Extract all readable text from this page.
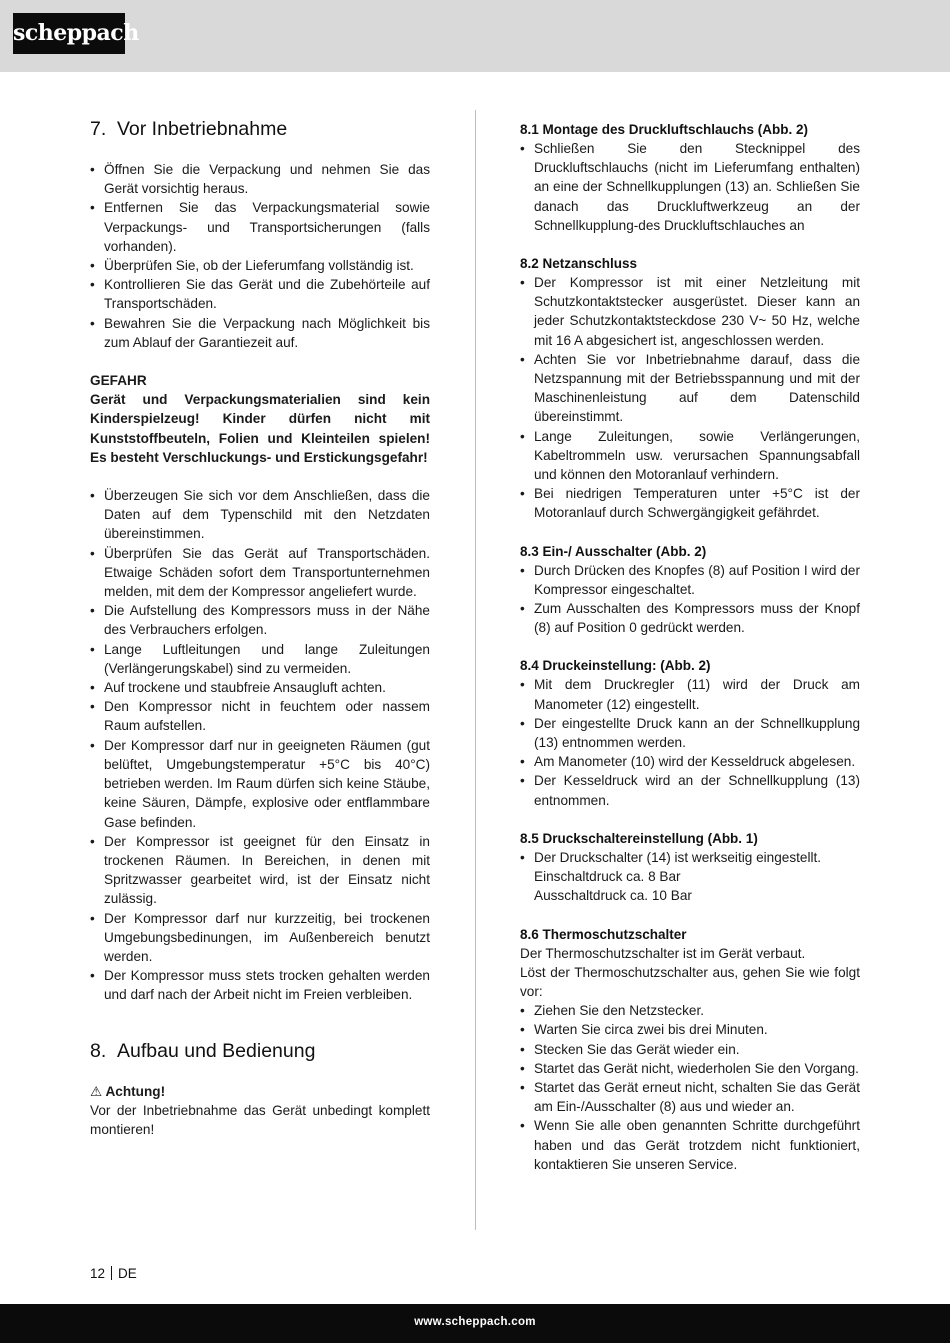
scheppach
7. Vor Inbetriebnahme
• Öffnen Sie die Verpackung und nehmen Sie das Gerät vorsichtig heraus.
• Entfernen Sie das Verpackungsmaterial sowie Verpackungs- und Transportsicherungen (falls vorhanden).
• Überprüfen Sie, ob der Lieferumfang vollständig ist.
• Kontrollieren Sie das Gerät und die Zubehörteile auf Transportschäden.
• Bewahren Sie die Verpackung nach Möglichkeit bis zum Ablauf der Garantiezeit auf.

GEFAHR

Gerät und Verpackungsmaterialien sind kein Kinderspielzeug! Kinder dürfen nicht mit Kunststoffbeuteln, Folien und Kleinteilen spielen! Es besteht Verschluckungs- und Erstickungsgefahr!

• Überzeugen Sie sich vor dem Anschließen, dass die Daten auf dem Typenschild mit den Netzdaten übereinstimmen.
• Überprüfen Sie das Gerät auf Transportschäden. Etwaige Schäden sofort dem Transportunternehmen melden, mit dem der Kompressor angeliefert wurde.
• Die Aufstellung des Kompressors muss in der Nähe des Verbrauchers erfolgen.
• Lange Luftleitungen und lange Zuleitungen (Verlängerungskabel) sind zu vermeiden.
• Auf trockene und staubfreie Ansaugluft achten.
• Den Kompressor nicht in feuchtem oder nassem Raum aufstellen.
• Der Kompressor darf nur in geeigneten Räumen (gut belüftet, Umgebungstemperatur +5°C bis 40°C) betrieben werden. Im Raum dürfen sich keine Stäube, keine Säuren, Dämpfe, explosive oder entflammbare Gase befinden.
• Der Kompressor ist geeignet für den Einsatz in trockenen Räumen. In Bereichen, in denen mit Spritzwasser gearbeitet wird, ist der Einsatz nicht zulässig.
• Der Kompressor darf nur kurzzeitig, bei trockenen Umgebungsbedinungen, im Außenbereich benutzt werden.
• Der Kompressor muss stets trocken gehalten werden und darf nach der Arbeit nicht im Freien verbleiben.
8. Aufbau und Bedienung

⚠ Achtung!

Vor der Inbetriebnahme das Gerät unbedingt komplett montieren!

8.1 Montage des Druckluftschlauchs (Abb. 2)

• Schließen Sie den Stecknippel des Druckluftschlauchs (nicht im Lieferumfang enthalten) an eine der Schnellkupplungen (13) an. Schließen Sie danach das Druckluftwerkzeug an der Schnellkupplung-des Druckluftschlauches an

8.2 Netzanschluss

• Der Kompressor ist mit einer Netzleitung mit Schutzkontaktstecker ausgerüstet. Dieser kann an jeder Schutzkontaktsteckdose 230 V~ 50 Hz, welche mit 16 A abgesichert ist, angeschlossen werden.
• Achten Sie vor Inbetriebnahme darauf, dass die Netzspannung mit der Betriebsspannung und mit der Maschinenleistung auf dem Datenschild übereinstimmt.
• Lange Zuleitungen, sowie Verlängerungen, Kabeltrommeln usw. verursachen Spannungsabfall und können den Motoranlauf verhindern.
• Bei niedrigen Temperaturen unter +5°C ist der Motoranlauf durch Schwergängigkeit gefährdet.

8.3 Ein-/ Ausschalter (Abb. 2)

• Durch Drücken des Knopfes (8) auf Position I wird der Kompressor eingeschaltet.
• Zum Ausschalten des Kompressors muss der Knopf (8) auf Position 0 gedrückt werden.

8.4 Druckeinstellung: (Abb. 2)

• Mit dem Druckregler (11) wird der Druck am Manometer (12) eingestellt.
• Der eingestellte Druck kann an der Schnellkupplung (13) entnommen werden.
• Am Manometer (10) wird der Kesseldruck abgelesen.
• Der Kesseldruck wird an der Schnellkupplung (13) entnommen.

8.5 Druckschaltereinstellung (Abb. 1)

• Der Druckschalter (14) ist werkseitig eingestellt.
Einschaltdruck ca. 8 Bar
Ausschaltdruck ca. 10 Bar

8.6 Thermoschutzschalter

Der Thermoschutzschalter ist im Gerät verbaut.

Löst der Thermoschutzschalter aus, gehen Sie wie folgt vor:

• Ziehen Sie den Netzstecker.
• Warten Sie circa zwei bis drei Minuten.
• Stecken Sie das Gerät wieder ein.
• Startet das Gerät nicht, wiederholen Sie den Vorgang.
• Startet das Gerät erneut nicht, schalten Sie das Gerät am Ein-/Ausschalter (8) aus und wieder an.
• Wenn Sie alle oben genannten Schritte durchgeführt haben und das Gerät trotzdem nicht funktioniert, kontaktieren Sie unseren Service.
12 DE
www.scheppach.com
